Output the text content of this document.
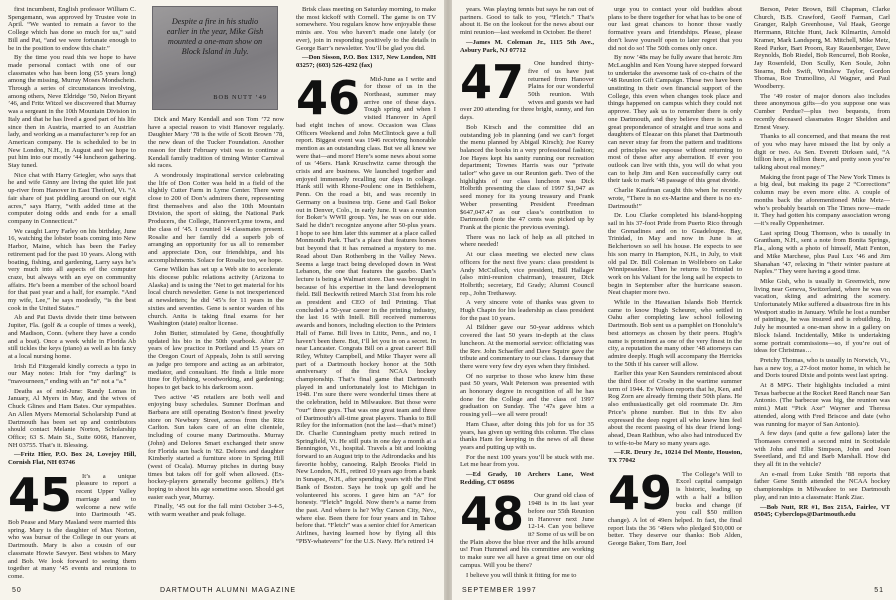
first incumbent, English professor William C. Spengemann, was approved by Trustee vote in April. “We wanted to remain a favor to the College which has done so much for us,” said Bill and Pat, “and we were fortunate enough to be in the position to endow this chair.”

By the time you read this we hope to have made personal contact with one of our classmates who has been long (55 years long) among the missing, Murray Moses Mondschein. Through a series of circumstances involving, among others, Neve Eldridge ’50, Nelon Bryant ’46, and Fritz Witzel we discovered that Murray was a sergeant in the 10th Mountain Division in Italy and that he has lived a good part of his life since then in Austria, married to an Austrian lady, and working as a manufacturer’s rep for an American company. He is scheduled to be in New London, N.H., in August and we hope to put him into our mostly ’44 luncheon gathering. Stay tuned.

Nice chat with Harry Griegler, who says that he and wife Ginny are living the quiet life just up-river from Hanover in East Thetford, Vt. “A fair share of just piddling around on our eight acres,” says Harry, “with added time at the computer doing odds and ends for a small company in Connecticut.”

We caught Larry Farley on his birthday, June 16, watching the lobster boats coming into New Harbor, Maine, which has been the Farley retirement pad for the past 10 years. Along with boating, fishing, and gardening, Larry says he’s very much into all aspects of the computer craze, but always with an eye on community affairs. He’s been a member of the school board for that past year and a half, for example. “And my wife, Lee,” he says modestly, “is the best cook in the United States.”

Ab and Pat Davis divide their time between Jupiter, Fla. (golf & a couple of times a week), and Madison, Conn. (where they have a condo and a boat). Once a week while in Florida Ab still tickles the keys (piano) as well as his fancy at a local nursing home.

Irish Ed Fitzgerald kindly corrects a typo in our May notes: Irish for “my darling” is “mavourneen,” ending with an “n” not a “a.”

Deaths as of mid-June: Randy Lomas in January, Al Myers in May, and the wives of Chuck Glines and Ham Bates. Our sympathies. An Allen Myers Memorial Scholarship Fund at Dartmouth has been set up and contributors should contact Melanie Norton, Scholarship Office; 63 S. Main St., Suite 6066, Hanover, NH 03755. That’s it. Blessing.

—Fritz Hier, P.O. Box 24, Lovejoy Hill, Cornish Flat, NH 03746

45	It’s a unique pleasure to report a recent Upper Valley marriage and to welcome a new wife into Dartmouth ’45. Bob Pease and Mary Masland were married this spring. Mary is the daughter of Max Norton, who was bursar of the College in our years at Dartmouth. Mary is also a cousin of our classmate Howie Sawyer. Best wishes to Mary and Bob. We look forward to seeing them together at many ’45 events and reunions to come.

Despite a fire in his studio earlier in the year, Mike Gish mounted a one-man show on Block Island in July.
BOB NUTT ’49

Dick and Mary Kendall and son Tom ’72 now have a special reason to visit Hanover regularly. Daughter Mary ’78 is the wife of Scott Brown ’78, the new dean of the Tucker Foundation. Another reason for their February visit was to continue a Kendall family tradition of timing Winter Carnival ski races.

A wondrously inspirational service celebrating the life of Don Cotter was held in a field of the slightly Cutter Farm in Lyme Center. There were close to 200 of Don’s admirers there, representing first themselves and also the 10th Mountain Division, the sport of skiing, the National Park Producers, the College, Hanover/Lyme towns, and the class of ’45. I counted 14 classmates present. Rosalie and her family did a superb job of arranging an opportunity for us all to remember and appreciate Don, our friendships, and his accomplishments. Solace for Rosalie too, we hope.

Gene Wilkin has set up a Web site to accelerate his diocese public relations activity (Arizona to Alaska) and is using the ’Net to get material for his local church newsletter. Gene is not inexperienced at newsletters; he did ’45’s for 11 years in the sixties and seventies. Gene is senior warden of his church. Anita is taking final exams for her Washington (state) realtor license.

John Butter, stimulated by Gene, thoughtfully updated his bio in the 50th yearbook. After 27 years of law practice in Portland and 15 years on the Oregon Court of Appeals, John is still serving as judge pro tempore and acting as an arbitrator, mediator, and consultant. He finds a little more time for flyfishing, woodworking, and gardening; hopes to get back to his darkroom soon.

Two active ’45 retailers are both well and enjoying busy schedules. Sumner Dorfman and Barbara are still operating Boston’s finest jewelry store on Newbury Street, across from the Ritz Carlton. Sun takes care of an elite clientele, including of course many Dartmouths. Murray (John) and Delores Smart exchanged their snow for Florida sun back in ’82. Delores and daughter Kimberly started a furniture store in Spring Hill (west of Ocala). Murray pitches in during busy times but takes off for golf when allowed. (Ex-hockey-players generally become golfers.) He’s hoping to shoot his age sometime soon. Should get easier each year, Murray.

Finally, ’45 out for the fall mini October 3-4-5, with warm weather and peak foliage.

Brisk class meeting on Saturday morning, to make the most kickoff with Cornell. The game is on TV somewhere. You regulars know how enjoyable these minis are. You who haven’t made one lately (or ever), join in responding positively to the details in George Barr’s newsletter. You’ll be glad you did.

—Don Sisson, P.O. Box 1317, New London, NH 03257; (603) 526-4292 (fax)

46	Mid-June as I write and for those of us in the Northeast, summer may arrive one of these days. Tough spring and when I visited Hanover in April bad eight inches of snow. Occasion was Class Officers Weekend and John McClintock gave a full report. Biggest event was 1946 receiving honorable mention as an outstanding class. But we all knew we were that—and more! Here’s some news about some of us ’46ers. Hank Kruschwitz came through the crisis and are business. We launched together and enjoyed immensely recalling our days in college. Hank still with Rhone-Poulenc one in Bethlehem, Penn. On the road a bit, and was recently in Germany on a business trip. Gene and Gail Bokor out in Denver, Colo., in early June. It was a reunion for Boker’s WWII group. Yes, he was on our side. Said he didn’t recognize anyone after 50-plus years. I hope to see him later this summer at a place called Monmouth Park. That’s a place that features horses but beyond that it has remained a mystery to me. Read about Dan Rothenberg in the Valley News. Seems a large tract being developed down in West Lebanon, the one that features the gazebo. Dan’s lecture is being a Walmart store. Dan was brought in because of his expertise in the land development field. Bill Beckwith retired March 31st from his role as president and CEO of Intl Printing. That concluded a 50-year career in the printing industry, the last 16 with Intell. Bill received numerous awards and honors, including election to the Printers Hall of Fame. Bill lives in Lititz, Penn., and no, I haven’t been there. But, I’ll let you in on a secret. In near Lancaster. Congrats Bill on a great career! Bill Riley, Whitey Campbell, and Mike Thayer were all part of a Dartmouth hockey honor at the 50th anniversary of the first NCAA hockey championship. That’s final game that Dartmouth played in and unfortunately lost to Michigan in 1948. I’m sure there were wonderful times there at the celebration, held in Milwaukee. But those were “our” three guys. That was one great team and three of Dartmouth’s all-time great players. Thanks to Bill Riley for the information (not the last—that’s mine!) Dr. Charlie Cunningham pretty much retired in Springfield, Vt. He still puts in one day a month at a Bennington, Vt., hospital. Travels a bit and looking forward to an August trip to the Adirondacks and his favorite hobby, canoeing. Ralph Brooks Field in New London, N.H., retired 10 years ago from a bank in Sunapee, N.H., after spending years with the First Bank of Boston. Says he took up golf and he volunteered his scores. I gave him an “A” for honesty. “Fletch” Ingold. Now there’s a name from the past. And where is he? Why Carson City, Nev., where else. Been there for four years and in Tahoe before that. “Fletch” was a senior chief for American Airlines, having learned how by flying all this “PBY-whatevers” for the U.S. Navy. He’s retired 14

50	DARTMOUTH ALUMNI MAGAZINE

years. Was playing tennis but says he ran out of partners. Good to talk to you, “Fletch.” That’s about it. Be on the lookout for the news about our mini reunion—last weekend in October. Be there!

—James M. Coleman Jr., 1115 5th Ave., Asbury Park, NJ 07712

47	One hundred thirty-five of us have just returned from Hanover Plains for our wonderful 50th reunion. With wives and guests we had over 200 attending for three bright, sunny, and fun days.

Bob Kirsch and the committee did an outstanding job in planning (and we can’t forget the menu planned by Abigail Kirsch); Joe Kurey balanced the books in a very professional fashion; Joe Hayes kept his sanity running our recreation department; Townes Harris was our “private tailor” who gave us our Reunion garb. Two of the highlights of our class luncheon was Dick Holbrith presenting the class of 1997 $1,947 as seed money for its young treasury and Frank Weber presenting President Freedman $647,047.47 as our class’s contribution to Dartmouth (note the 47 cents was picked up by Frank at the picnic the previous evening).

There was no lack of help as all pitched in where needed!

At our class meeting we elected new class officers for the next five years: class president is Andy McCulloch, vice president, Bill Hallager (also mini-reunion chairman), treasurer, Dick Holbrith; secretary, Ed Grady; Alumni Council rep., John Trethaway.

A very sincere vote of thanks was given to Hugh Chapin for his leadership as class president for the past 10 years.

Al Bildner gave our 50-year address which covered the last 50 years in-depth at the class luncheon. At the memorial service: officiating was the Rev. John Schaeffer and Dave Squire gave the tribute and commentary to our class. I daresay that there were very few dry eyes when they finished.

Of no surprise to those who knew him these past 50 years, Walt Peterson was presented with an honorary degree in recognition of all he has done for the College and the class of 1997 graduation on Sunday. The ’47s gave him a rousing yell—we all were proud!

Ham Chase, after doing this job for us for 35 years, has given up writing this column. The class thanks Ham for keeping in the news of all these years and putting up with us.

For the next 100 years you’ll be stuck with me. Let me hear from you.

—Ed Grady, 10 Archers Lane, West Redding, CT 06896

48	Our grand old class of 1948 is in its last year before our 55th Reunion in Hanover next June 12-14. Can you believe it? Some of us will be on the Plain above the blue river and the hills around us! Fran Hummel and his committee are working to make sure we all have a great time on our old campus. Will you be there?

I believe you will think it fitting for me to

urge you to contact your old buddies about plans to be there together for what has to be one of our last great chances to honor those vastly formative years and friendships. Please, please don’t leave yourself open to later regret that you did not do so! The 50th comes only once.

By now ’48s may be fully aware that heroic Jim McLaughlin and Ken Young have stepped forward to undertake the awesome task of co-chairs of the ’48 Reunion Gift Campaign. These two have been unstinting in their own financial support of the College, this even when changes took place and things happened on campus which they could not approve. They ask us to remember there is only one Dartmouth, and they believe there is such a great preponderance of straight and true sons and daughters of Eleazar on this planet that Dartmouth can never stray far from the pattern and traditions and principles we espouse without returning to most of these after any aberration. If ever you outlook can live with this, you will do what you can to help Jim and Ken successfully carry out their task to mark ’48 passage of this great divide.

Charlie Kaufman caught this when he recently wrote, “There is no ex-Marine and there is no ex-Dartmouth!”

Dr. Lou Clarke completed his island-hopping sail in his 37-foot Pride from Puerto Rico through the Grenadines and on to Guadeloupe. Bay, Trinidad, in May and now in June is at Belchertown so sell his house. He expects to see his son marry in Hampton, N.H., in July, to visit old pal Dr. Bill Coleman in Wolfeboro on Lake Winnipesaukee. Then he returns to Trinidad to work on his Valiant for the long sail he expects to begin in September after the hurricane season. Neat chapter more two.

While in the Hawaiian Islands Bob Herrick came to know Hugh Scheurer, who settled in Oahu after completing law school following Dartmouth. Bob sent us a pamphlet on Honolulu’s best attorneys as chosen by their peers. Hugh’s name is prominent as one of the very finest in the city, a reputation the many other ’48 attorneys can admire deeply. Hugh will accompany the Herricks to the 50th if his career will allow.

Earlier this year Ken Saunders reminisced about the third floor of Crosby in the wartime summer term of 1944. Ev Wilson reports that he, Ken, and Rog Zorn are already firming their 50th plans. He also enthusiastically get old roommate Dr. Jim Price’s phone number. But in this Ev also expressed the deep regret all who knew him feel about the recent passing of his dear friend long-ahead, Dean Rathbun, who also had introduced Ev to wife-to-be Mary so many years ago.

—F.R. Drury Jr., 10214 Del Monte, Houston, TX 77042

49	The College’s Will to Excel capital campaign is historic, leading up with a half a billion bucks and change (if you call $50 million change). A lot of 49ers helped. In fact, the final report lists the 36 ’49ers who pledged $10,000 or better. They deserve our thanks: Bob Alden, George Baker, Tom Barr, Joel

Berson, Peter Brown, Bill Chapman, Clarke Church, B.B. Crawford, Geoff Farman, Carl Granger, Ralph Greenhouse, Val Haak, George Herrmann, Ritchie Hunt, Jack Kilmartin, Arnold Kramer, Mark Landsperg, M. Mitchell, Mike Metz, Reed Parker, Bart Proom, Ray Rauenberger, Dave Reynolds, Bob Riedel, Bob Rencurrel, Bob Rooke, Jay Rosenfeld, Don Scully, Ken Soule, John Stearns, Bob Swift, Winslow Taylor, Gordon Thomas, Roe Trumollino, Al Wagner, and Paul Woodberry.

The ’49 roster of major donors also includes three anonymous gifts—do you suppose one was Cumber Perdue?—plus two bequests, from recently deceased classmates Roger Sheldon and Ernest Vesey.

Thanks to all concerned, and that means the rest of you who may have missed the list by only a digit or two. As Sen. Everett Dirksen said, “A billion here, a billion there, and pretty soon you’re talking about real money.”

Making the front page of The New York Times is a big deal, but making its page 2 “Corrections” column may be even more elite. A couple of months back the aforementioned Mike Metz—who’s probably bearish on The Times now—made it. They had gotten his company association wrong—it’s really Oppenheimer.

Last spring Doug Thomson, who is usually in Grantham, N.H., sent a note from Bonita Springs, Fla., along with a photo of himself, Matt Fenton, and Mike Marchese, plus Paul Lux ’46 and Jim Shanahan ’47, relaxing in “their winter pasture at Naples.” They were having a good time.

Mike Gish, who is usually in Greenwich, now living near Geneva, Switzerland, where he was on vacation, skiing and admiring the scenery. Unfortunately Mike suffered a disastrous fire in his Westport studio in January. While he lost a number of paintings, he was insured and is rebuilding. In July he mounted a one-man show in a gallery on Block Island. Incidentally, Mike is undertaking some portrait commissions—so, if you’re out of ideas for Christmas…

Pretchy Thomas, who is usually in Norwich, Vt., has a new toy, a 27-foot motor home, in which he and Doris toured Dixie and points west last spring.

At 8 MPG. Their highlights included a mini Texas barbecue at the Rocket Reed Ranch near San Antonio. (The barbecue was big, the reunion was mini.) Matt “Pick Axe” Wayner and Theresa attended, along with Fred Briscoe and date (who was running for mayor of San Antonio).

A few days (and quite a few gallons) later the Thomases convened a second mini in Scottsdale with John and Ellie Simpson, John and Joan Sweetland, and Ed and Barb Marshall. How did they all fit in the vehicle?

An e-mail from Luke Smith ’88 reports that father Gene Smith attended the NCAA hockey championships in Milwaukee to see Dartmouth play, and ran into a classmate: Hank Ziac.

—Bob Nutt, RR #1, Box 215A, Fairlee, VT 05045; Cyberclops@Dartmouth.edu

SEPTEMBER 1997	51
